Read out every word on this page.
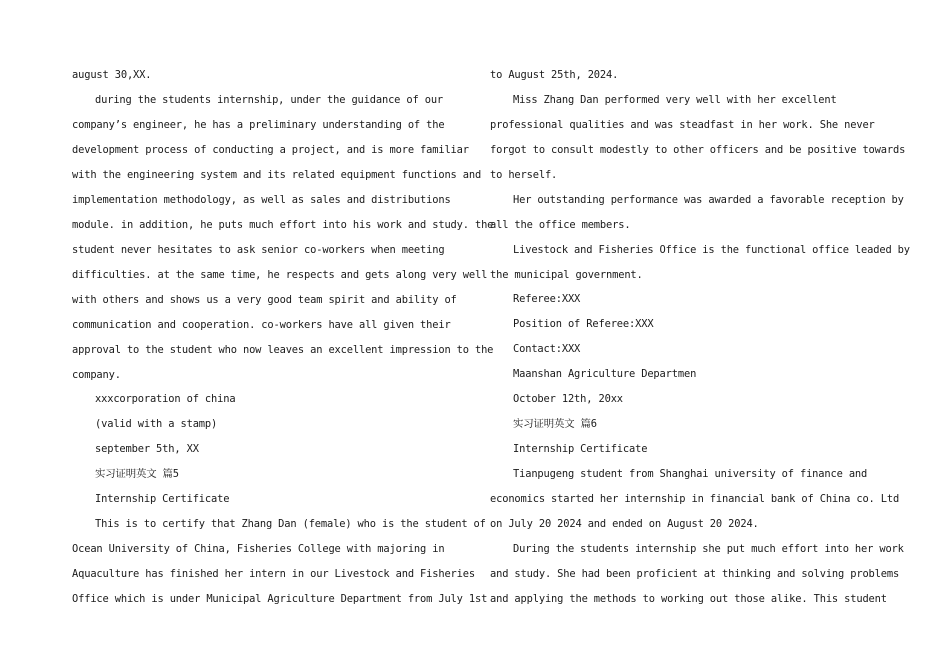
august 30,XX.
during the students internship, under the guidance of our
company’s engineer, he has a preliminary understanding of the
development process of conducting a project, and is more familiar
with the engineering system and its related equipment functions and
implementation methodology, as well as sales and distributions
module. in addition, he puts much effort into his work and study. the
student never hesitates to ask senior co-workers when meeting
difficulties. at the same time, he respects and gets along very well
with others and shows us a very good team spirit and ability of
communication and cooperation. co-workers have all given their
approval to the student who now leaves an excellent impression to the
company.
xxxcorporation of china
(valid with a stamp)
september 5th, XX
实习证明英文 篇5
Internship Certificate
This is to certify that Zhang Dan (female) who is the student of
Ocean University of China, Fisheries College with majoring in
Aquaculture has finished her intern in our Livestock and Fisheries
Office which is under Municipal Agriculture Department from July 1st
to August 25th, 2024.
Miss Zhang Dan performed very well with her excellent
professional qualities and was steadfast in her work. She never
forgot to consult modestly to other officers and be positive towards
to herself.
Her outstanding performance was awarded a favorable reception by
all the office members.
Livestock and Fisheries Office is the functional office leaded by
the municipal government.
Referee:XXX
Position of Referee:XXX
Contact:XXX
Maanshan Agriculture Departmen
October 12th, 20xx
实习证明英文 篇6
Internship Certificate
Tianpugeng student from Shanghai university of finance and
economics started her internship in financial bank of China co. Ltd
on July 20 2024 and ended on August 20 2024.
During the students internship she put much effort into her work
and study. She had been proficient at thinking and solving problems
and applying the methods to working out those alike. This student
